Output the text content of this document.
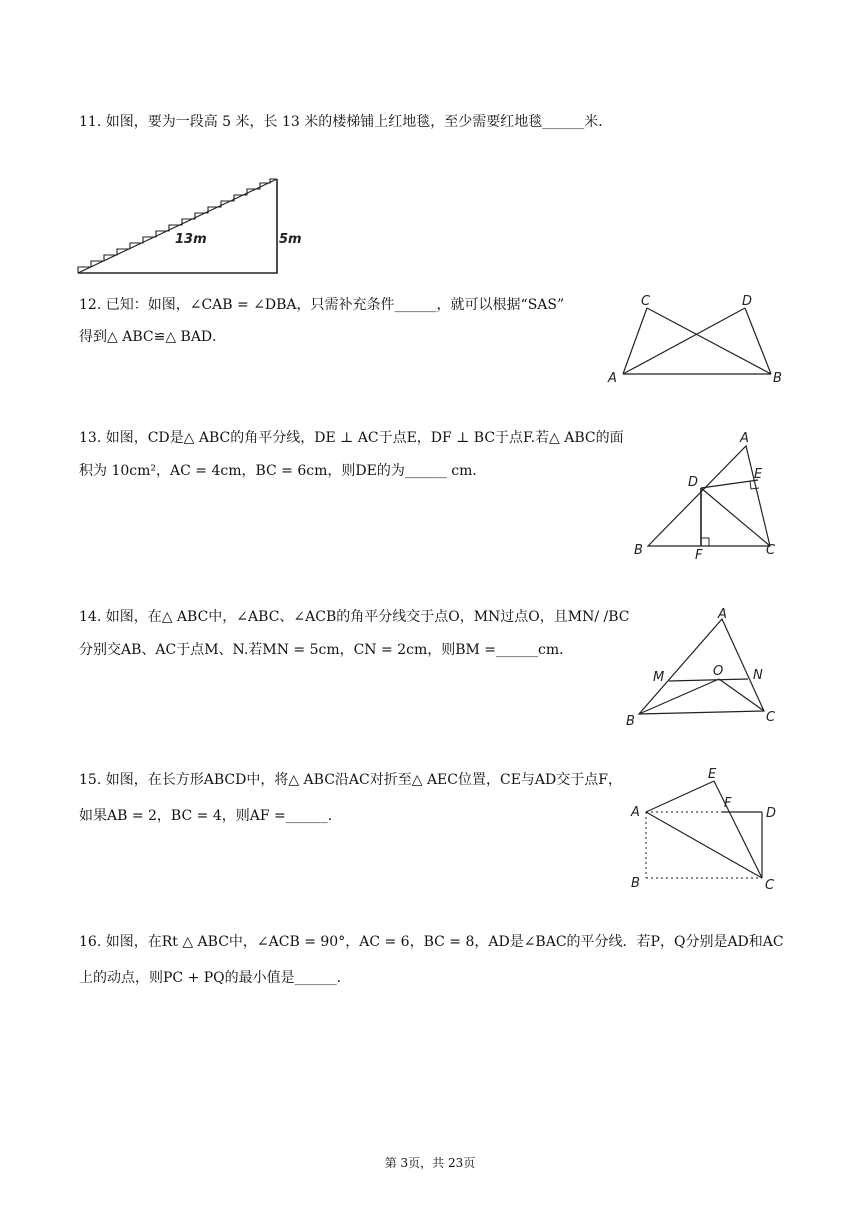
11. 如图，要为一段高 5 米，长 13 米的楼梯铺上红地毯，至少需要红地毯______米．
13m	5m
12. 已知：如图，∠CAB = ∠DBA，只需补充条件______，就可以根据“SAS”
得到△ ABC≌△ BAD．
A	B
C	D
13. 如图，CD是△ ABC的角平分线，DE ⊥ AC于点E，DF ⊥ BC于点F.若△ ABC的面
积为 10cm²，AC = 4cm，BC = 6cm，则DE的为______ cm．
A
B	C
D
E
F
14. 如图，在△ ABC中，∠ABC、∠ACB的角平分线交于点O，MN过点O，且MN/ /BC
分别交AB、AC于点M、N.若MN = 5cm，CN = 2cm，则BM =______cm．
A
B	C
M	N
O
15. 如图，在长方形ABCD中，将△ ABC沿AC对折至△ AEC位置，CE与AD交于点F，
如果AB = 2，BC = 4，则AF =______．	A
B	C
D
E
F
16. 如图，在Rt △ ABC中，∠ACB = 90°，AC = 6，BC = 8，AD是∠BAC的平分线．若P，Q分别是AD和AC
上的动点，则PC + PQ的最小值是______．
第 3页，共 23页
